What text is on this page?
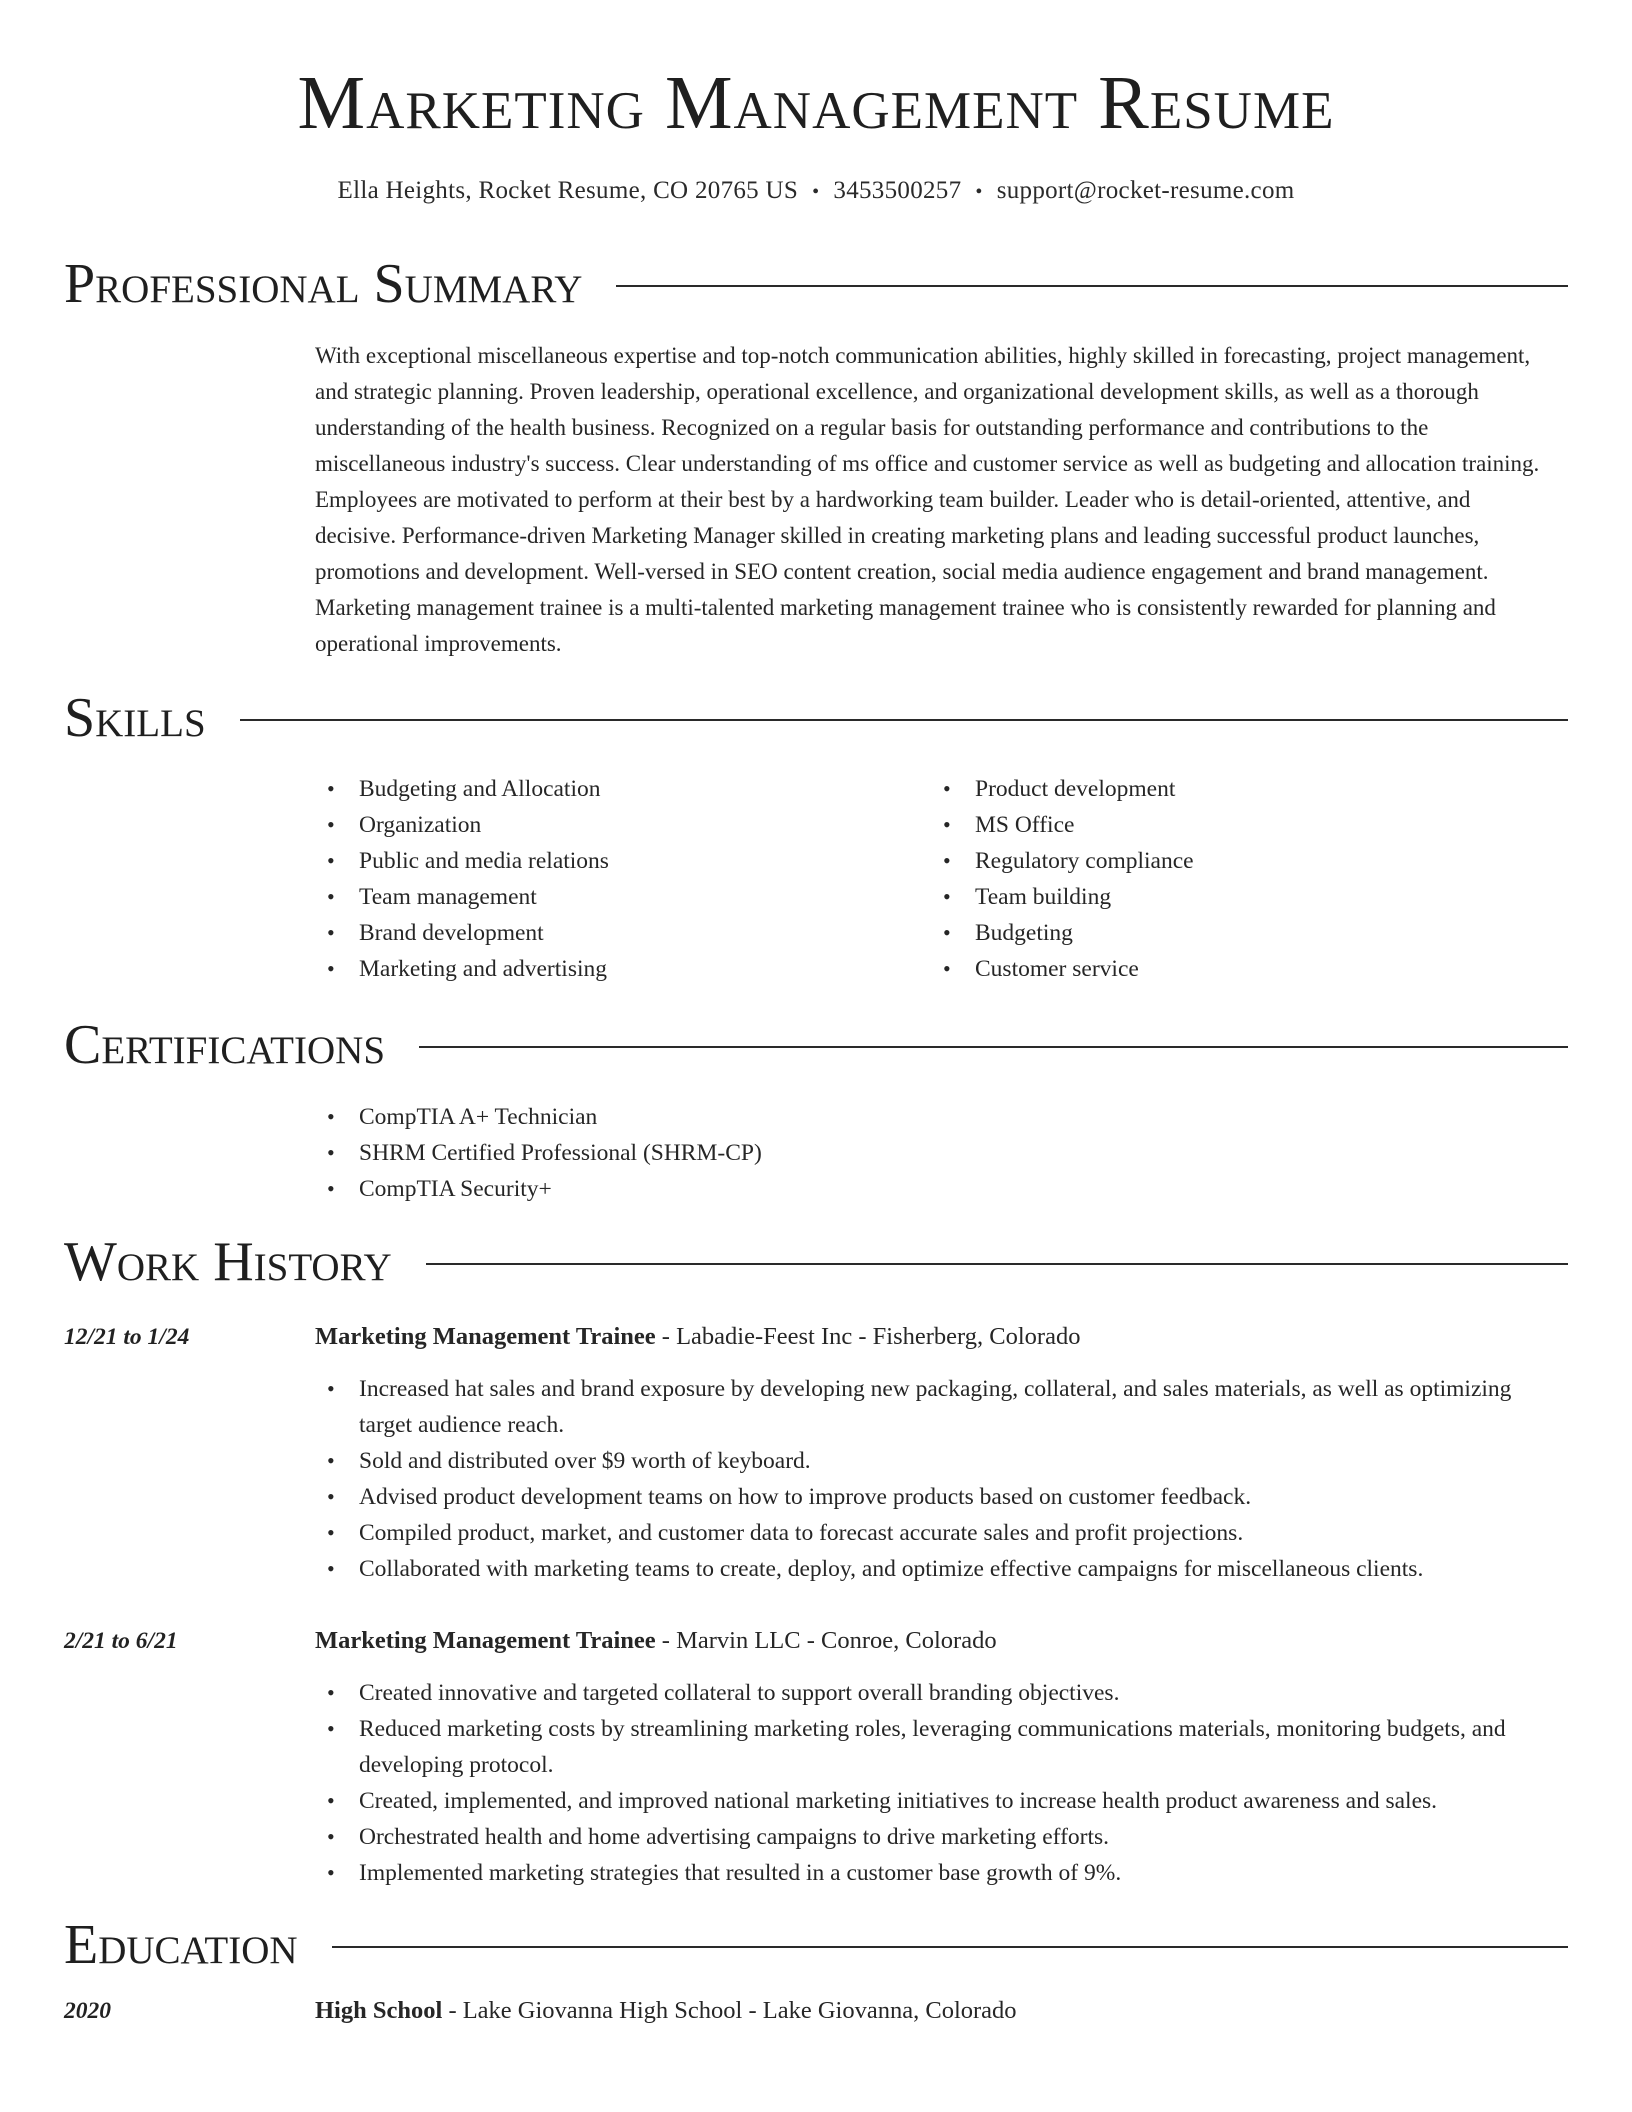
Marketing Management Resume
Ella Heights, Rocket Resume, CO 20765 US • 3453500257 • support@rocket-resume.com
Professional Summary

With exceptional miscellaneous expertise and top-notch communication abilities, highly skilled in forecasting, project management, and strategic planning. Proven leadership, operational excellence, and organizational development skills, as well as a thorough understanding of the health business. Recognized on a regular basis for outstanding performance and contributions to the miscellaneous industry's success. Clear understanding of ms office and customer service as well as budgeting and allocation training. Employees are motivated to perform at their best by a hardworking team builder. Leader who is detail-oriented, attentive, and decisive. Performance-driven Marketing Manager skilled in creating marketing plans and leading successful product launches, promotions and development. Well-versed in SEO content creation, social media audience engagement and brand management. Marketing management trainee is a multi-talented marketing management trainee who is consistently rewarded for planning and operational improvements.

Skills
• Budgeting and Allocation
• Organization
• Public and media relations
• Team management
• Brand development
• Marketing and advertising
• Product development
• MS Office
• Regulatory compliance
• Team building
• Budgeting
• Customer service
Certifications
• CompTIA A+ Technician
• SHRM Certified Professional (SHRM-CP)
• CompTIA Security+
Work History
12/21 to 1/24	Marketing Management Trainee - Labadie-Feest Inc - Fisherberg, Colorado
• Increased hat sales and brand exposure by developing new packaging, collateral, and sales materials, as well as optimizing target audience reach.
• Sold and distributed over $9 worth of keyboard.
• Advised product development teams on how to improve products based on customer feedback.
• Compiled product, market, and customer data to forecast accurate sales and profit projections.
• Collaborated with marketing teams to create, deploy, and optimize effective campaigns for miscellaneous clients.
2/21 to 6/21	Marketing Management Trainee - Marvin LLC - Conroe, Colorado
• Created innovative and targeted collateral to support overall branding objectives.
• Reduced marketing costs by streamlining marketing roles, leveraging communications materials, monitoring budgets, and developing protocol.
• Created, implemented, and improved national marketing initiatives to increase health product awareness and sales.
• Orchestrated health and home advertising campaigns to drive marketing efforts.
• Implemented marketing strategies that resulted in a customer base growth of 9%.
Education
2020	High School - Lake Giovanna High School - Lake Giovanna, Colorado
